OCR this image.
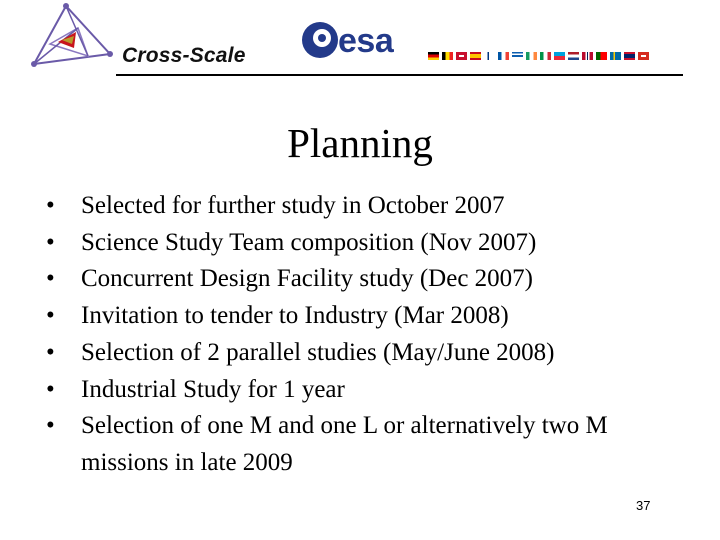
Cross-Scale	esa
Planning
• Selected for further study in October 2007
• Science Study Team composition (Nov 2007)
• Concurrent Design Facility study (Dec 2007)
• Invitation to tender to Industry (Mar 2008)
• Selection of 2 parallel studies (May/June 2008)
• Industrial Study for 1 year
• Selection of one M and one L or alternatively two M missions in late 2009
37
